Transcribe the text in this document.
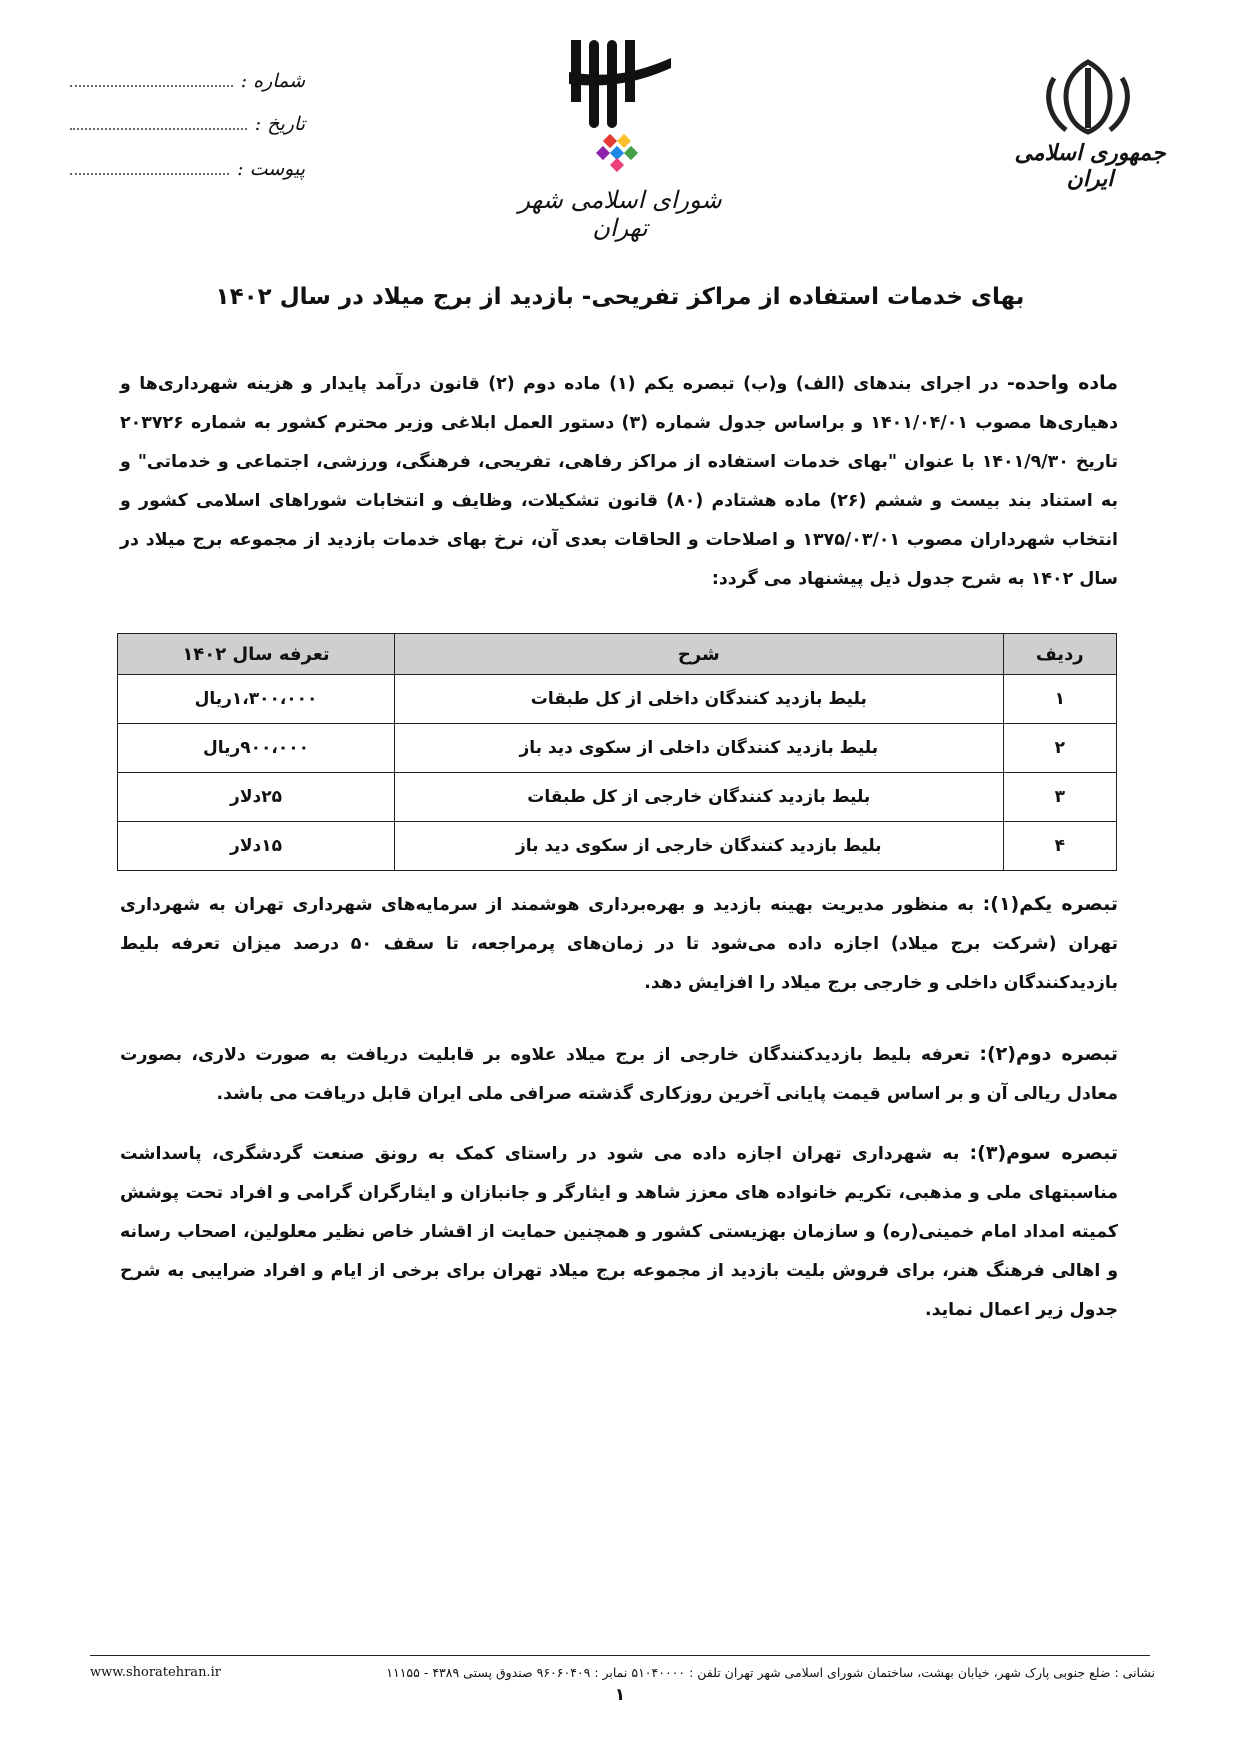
جمهوری اسلامی ایران
شورای اسلامی شهر تهران
شماره :
تاریخ :
پیوست :
بهای خدمات استفاده از مراکز تفریحی- بازدید از برج میلاد در سال ۱۴۰۲

ماده واحده- در اجرای بندهای (الف) و(ب) تبصره یکم (۱) ماده دوم (۲) قانون درآمد پایدار و هزینه شهرداری‌ها و دهیاری‌ها مصوب ۱۴۰۱/۰۴/۰۱ و براساس جدول شماره (۳) دستور العمل ابلاغی وزیر محترم کشور به شماره ۲۰۳۷۲۶ تاریخ ۱۴۰۱/۹/۳۰ با عنوان "بهای خدمات استفاده از مراکز رفاهی، تفریحی، فرهنگی، ورزشی، اجتماعی و خدماتی" و به استناد بند بیست و ششم (۲۶) ماده هشتادم (۸۰) قانون تشکیلات، وظایف و انتخابات شوراهای اسلامی کشور و انتخاب شهرداران مصوب ۱۳۷۵/۰۳/۰۱ و اصلاحات و الحاقات بعدی آن، نرخ بهای خدمات بازدید از مجموعه برج میلاد در سال ۱۴۰۲ به شرح جدول ذیل پیشنهاد می گردد:

ردیف	شرح	تعرفه سال ۱۴۰۲
۱	بلیط بازدید کنندگان داخلی از کل طبقات	۱،۳۰۰،۰۰۰ریال
۲	بلیط بازدید کنندگان داخلی از سکوی دید باز	۹۰۰،۰۰۰ریال
۳	بلیط بازدید کنندگان خارجی از کل طبقات	۲۵دلار
۴	بلیط بازدید کنندگان خارجی از سکوی دید باز	۱۵دلار

تبصره یکم(۱): به منظور مدیریت بهینه بازدید و بهره‌برداری هوشمند از سرمایه‌های شهرداری تهران به شهرداری تهران (شرکت برج میلاد) اجازه داده می‌شود تا در زمان‌های پرمراجعه، تا سقف ۵۰ درصد میزان تعرفه بلیط بازدیدکنندگان داخلی و خارجی برج میلاد را افزایش دهد.

تبصره دوم(۲): تعرفه بلیط بازدیدکنندگان خارجی از برج میلاد علاوه بر قابلیت دریافت به صورت دلاری، بصورت معادل ریالی آن و بر اساس قیمت پایانی آخرین روزکاری گذشته صرافی ملی ایران قابل دریافت می باشد.

تبصره سوم(۳): به شهرداری تهران اجازه داده می شود در راستای کمک به رونق صنعت گردشگری، پاسداشت مناسبتهای ملی و مذهبی، تکریم خانواده های معزز شاهد و ایثارگر و جانبازان و ایثارگران گرامی و افراد تحت پوشش کمیته امداد امام خمینی(ره) و سازمان بهزیستی کشور و همچنین حمایت از اقشار خاص نظیر معلولین، اصحاب رسانه و اهالی فرهنگ هنر، برای فروش بلیت بازدید از مجموعه برج میلاد تهران برای برخی از ایام و افراد ضرایبی به شرح جدول زیر اعمال نماید.

نشانی : ضلع جنوبی پارک شهر، خیابان بهشت، ساختمان شورای اسلامی شهر تهران تلفن : ۵۱۰۴۰۰۰۰ نمابر : ۹۶۰۶۰۴۰۹ صندوق پستی ۴۳۸۹ - ۱۱۱۵۵
www.shoratehran.ir
۱
